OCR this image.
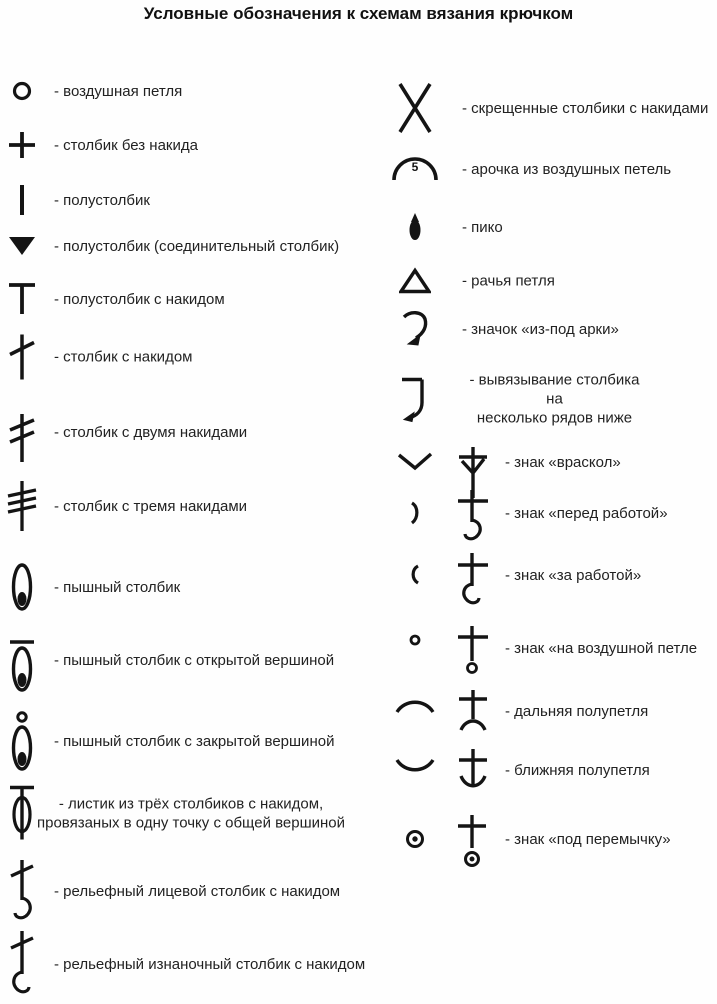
Условные обозначения к схемам вязания крючком
- воздушная петля
- столбик без накида
- полустолбик
- полустолбик (соединительный столбик)
- полустолбик с накидом
- столбик с накидом
- столбик с двумя накидами
- столбик с тремя накидами
- пышный столбик
- пышный столбик с открытой вершиной
- пышный столбик с закрытой вершиной
- листик из трёх столбиков с накидом,
провязаных в одну точку с общей вершиной
- рельефный лицевой столбик с накидом
- рельефный изнаночный столбик с накидом
- скрещенные столбики с накидами
5	- арочка из воздушных петель
- пико
- рачья петля
- значок «из-под арки»
- вывязывание столбика на
несколько рядов ниже
- знак «враскол»
- знак «перед работой»
- знак «за работой»
- знак «на воздушной петле
- дальняя полупетля
- ближняя полупетля
- знак «под перемычку»
